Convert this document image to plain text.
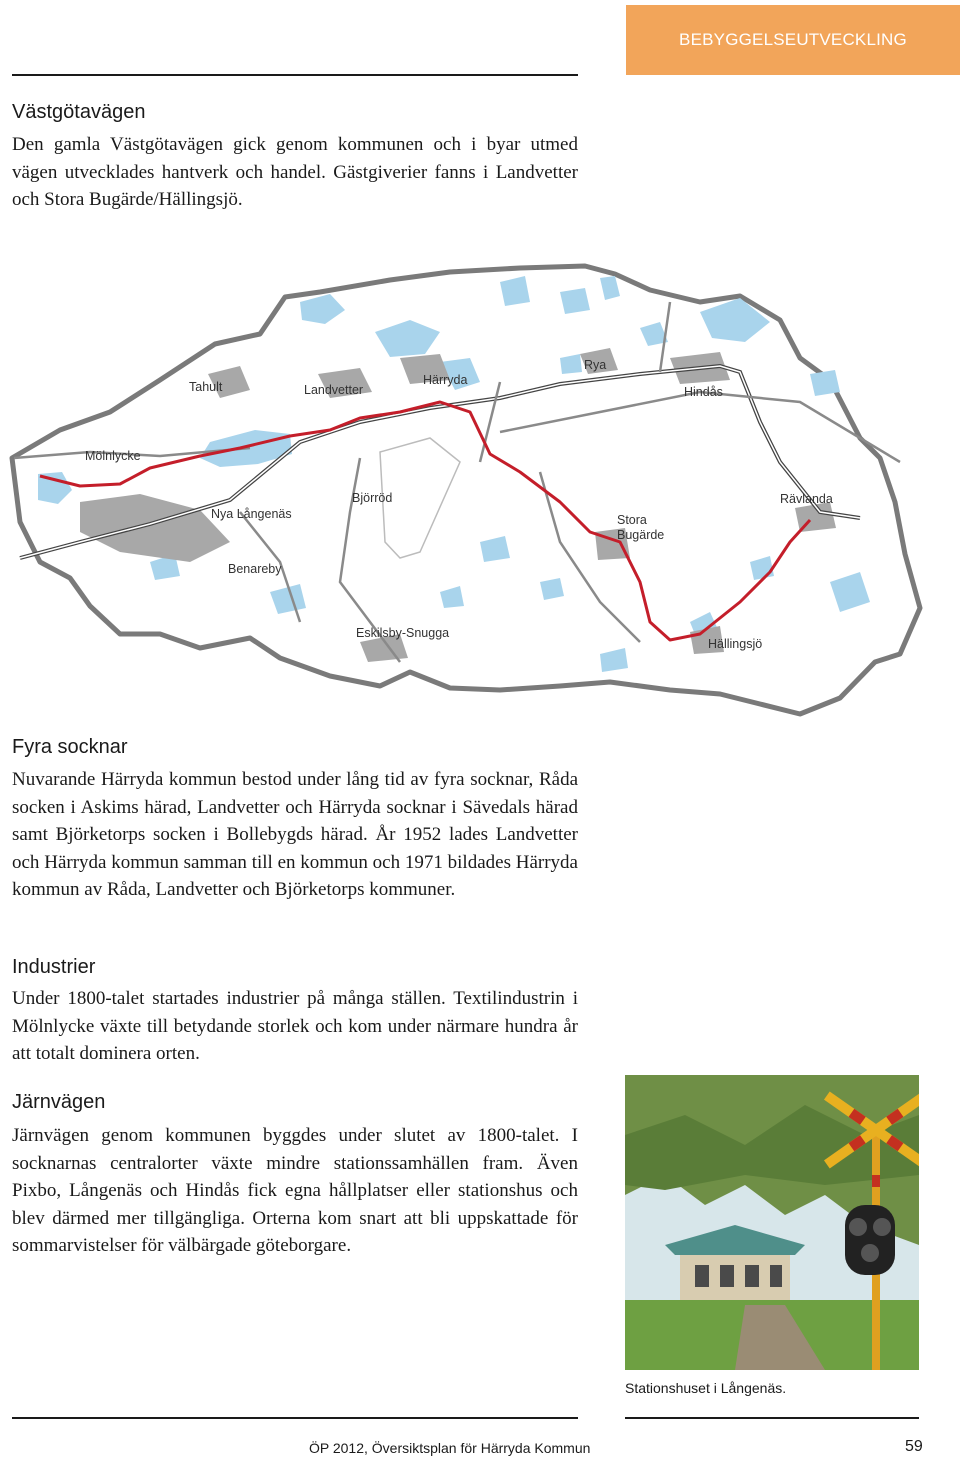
BEBYGGELSEUTVECKLING
Västgötavägen

Den gamla Västgötavägen gick genom kommunen och i byar utmed vägen utvecklades hantverk och handel. Gästgiverier fanns i Landvetter och Stora Bugärde/Hällingsjö.

Tahult	Landvetter
Härryda
Rya
Hindås
Mölnlycke
Nya Långenäs
Björröd
Stora
Bugärde
Rävlanda
Benareby
Eskilsby-Snugga
Hällingsjö
Fyra socknar

Nuvarande Härryda kommun bestod under lång tid av fyra socknar, Råda socken i Askims härad, Landvetter och Härryda socknar i Sävedals härad samt Björketorps socken i Bollebygds härad. År 1952 lades Landvetter och Härryda kommun samman till en kommun och 1971 bildades Härryda kommun av Råda, Landvetter och Björketorps kommuner.

Industrier

Under 1800-talet startades industrier på många ställen. Textilindustrin i Mölnlycke växte till betydande storlek och kom under närmare hundra år att totalt dominera orten.

Järnvägen

Järnvägen genom kommunen byggdes under slutet av 1800-talet. I socknarnas centralorter växte mindre stationssamhällen fram. Även Pixbo, Långenäs och Hindås fick egna hållplatser eller stationshus och blev därmed mer tillgängliga. Orterna kom snart att bli uppskattade för sommarvistelser för välbärgade göteborgare.

Stationshuset i Långenäs.
ÖP 2012, Översiktsplan för Härryda Kommun	59
